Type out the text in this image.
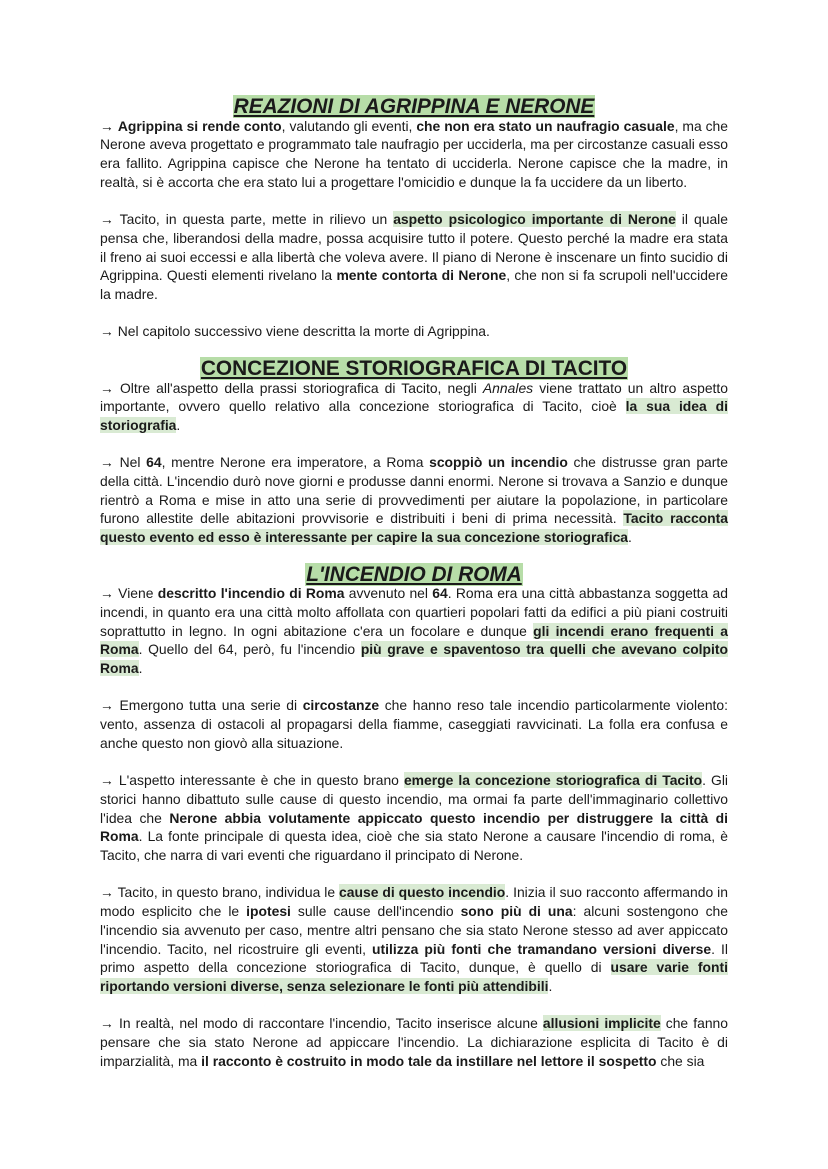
REAZIONI DI AGRIPPINA E NERONE

→ Agrippina si rende conto, valutando gli eventi, che non era stato un naufragio casuale, ma che Nerone aveva progettato e programmato tale naufragio per ucciderla, ma per circostanze casuali esso era fallito. Agrippina capisce che Nerone ha tentato di ucciderla. Nerone capisce che la madre, in realtà, si è accorta che era stato lui a progettare l'omicidio e dunque la fa uccidere da un liberto.

→ Tacito, in questa parte, mette in rilievo un aspetto psicologico importante di Nerone il quale pensa che, liberandosi della madre, possa acquisire tutto il potere. Questo perché la madre era stata il freno ai suoi eccessi e alla libertà che voleva avere. Il piano di Nerone è inscenare un finto sucidio di Agrippina. Questi elementi rivelano la mente contorta di Nerone, che non si fa scrupoli nell'uccidere la madre.

→ Nel capitolo successivo viene descritta la morte di Agrippina.

CONCEZIONE STORIOGRAFICA DI TACITO

→ Oltre all'aspetto della prassi storiografica di Tacito, negli Annales viene trattato un altro aspetto importante, ovvero quello relativo alla concezione storiografica di Tacito, cioè la sua idea di storiografia.

→ Nel 64, mentre Nerone era imperatore, a Roma scoppiò un incendio che distrusse gran parte della città. L'incendio durò nove giorni e produsse danni enormi. Nerone si trovava a Sanzio e dunque rientrò a Roma e mise in atto una serie di provvedimenti per aiutare la popolazione, in particolare furono allestite delle abitazioni provvisorie e distribuiti i beni di prima necessità. Tacito racconta questo evento ed esso è interessante per capire la sua concezione storiografica.

L'INCENDIO DI ROMA

→ Viene descritto l'incendio di Roma avvenuto nel 64. Roma era una città abbastanza soggetta ad incendi, in quanto era una città molto affollata con quartieri popolari fatti da edifici a più piani costruiti soprattutto in legno. In ogni abitazione c'era un focolare e dunque gli incendi erano frequenti a Roma. Quello del 64, però, fu l'incendio più grave e spaventoso tra quelli che avevano colpito Roma.

→ Emergono tutta una serie di circostanze che hanno reso tale incendio particolarmente violento: vento, assenza di ostacoli al propagarsi della fiamme, caseggiati ravvicinati. La folla era confusa e anche questo non giovò alla situazione.

→ L'aspetto interessante è che in questo brano emerge la concezione storiografica di Tacito. Gli storici hanno dibattuto sulle cause di questo incendio, ma ormai fa parte dell'immaginario collettivo l'idea che Nerone abbia volutamente appiccato questo incendio per distruggere la città di Roma. La fonte principale di questa idea, cioè che sia stato Nerone a causare l'incendio di roma, è Tacito, che narra di vari eventi che riguardano il principato di Nerone.

→ Tacito, in questo brano, individua le cause di questo incendio. Inizia il suo racconto affermando in modo esplicito che le ipotesi sulle cause dell'incendio sono più di una: alcuni sostengono che l'incendio sia avvenuto per caso, mentre altri pensano che sia stato Nerone stesso ad aver appiccato l'incendio. Tacito, nel ricostruire gli eventi, utilizza più fonti che tramandano versioni diverse. Il primo aspetto della concezione storiografica di Tacito, dunque, è quello di usare varie fonti riportando versioni diverse, senza selezionare le fonti più attendibili.

→ In realtà, nel modo di raccontare l'incendio, Tacito inserisce alcune allusioni implicite che fanno pensare che sia stato Nerone ad appiccare l'incendio. La dichiarazione esplicita di Tacito è di imparzialità, ma il racconto è costruito in modo tale da instillare nel lettore il sospetto che sia
